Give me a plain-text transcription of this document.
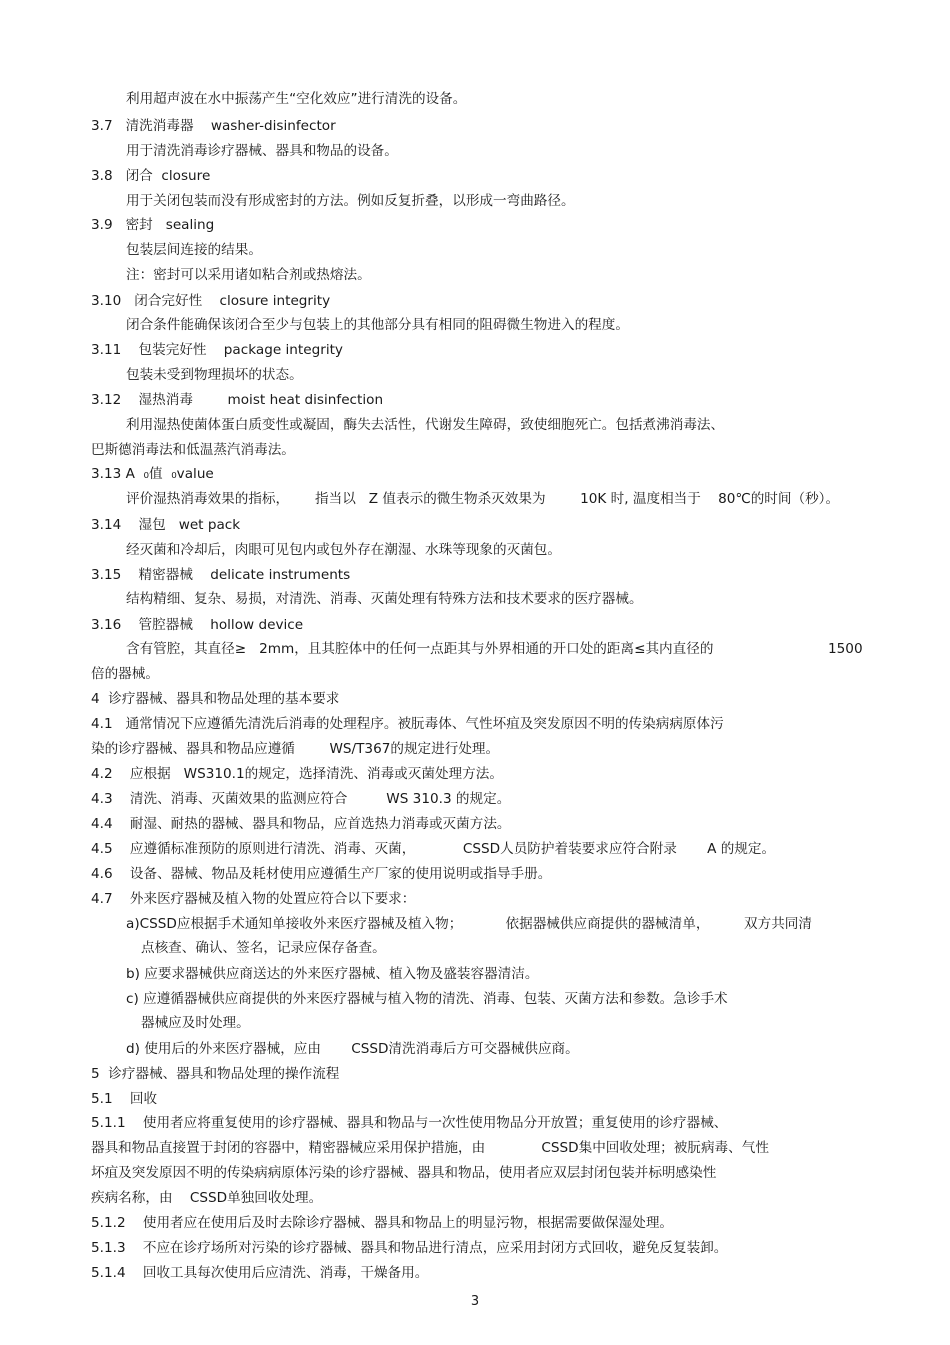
利用超声波在水中振荡产生“空化效应”进行清洗的设备。
3.7   清洗消毒器    washer-disinfector
用于清洗消毒诊疗器械、器具和物品的设备。
3.8   闭合  closure
用于关闭包装而没有形成密封的方法。例如反复折叠，以形成一弯曲路径。
3.9   密封   sealing
包装层间连接的结果。
注：密封可以采用诸如粘合剂或热熔法。
3.10   闭合完好性    closure integrity
闭合条件能确保该闭合至少与包装上的其他部分具有相同的阻碍微生物进入的程度。
3.11    包装完好性    package integrity
包装未受到物理损坏的状态。
3.12    湿热消毒        moist heat disinfection
利用湿热使菌体蛋白质变性或凝固，酶失去活性，代谢发生障碍，致使细胞死亡。包括煮沸消毒法、
巴斯德消毒法和低温蒸汽消毒法。
3.13 A  ₀值  ₀value
评价湿热消毒效果的指标，      指当以   Z 值表示的微生物杀灭效果为        10K 时, 温度相当于    80℃的时间（秒）。
3.14    湿包   wet pack
经灭菌和冷却后，肉眼可见包内或包外存在潮湿、水珠等现象的灭菌包。
3.15    精密器械    delicate instruments
结构精细、复杂、易损，对清洗、消毒、灭菌处理有特殊方法和技术要求的医疗器械。
3.16    管腔器械    hollow device
含有管腔，其直径≥   2mm，且其腔体中的任何一点距其与外界相通的开口处的距离≤其内直径的	1500
倍的器械。
4  诊疗器械、器具和物品处理的基本要求
4.1   通常情况下应遵循先清洗后消毒的处理程序。被朊毒体、气性坏疽及突发原因不明的传染病病原体污
染的诊疗器械、器具和物品应遵循        WS/T367的规定进行处理。
4.2    应根据   WS310.1的规定，选择清洗、消毒或灭菌处理方法。
4.3    清洗、消毒、灭菌效果的监测应符合         WS 310.3 的规定。
4.4    耐湿、耐热的器械、器具和物品，应首选热力消毒或灭菌方法。
4.5    应遵循标准预防的原则进行清洗、消毒、灭菌，           CSSD人员防护着装要求应符合附录       A 的规定。
4.6    设备、器械、物品及耗材使用应遵循生产厂家的使用说明或指导手册。
4.7    外来医疗器械及植入物的处置应符合以下要求：
a)CSSD应根据手术通知单接收外来医疗器械及植入物；          依据器械供应商提供的器械清单，        双方共同清
点核查、确认、签名，记录应保存备查。
b) 应要求器械供应商送达的外来医疗器械、植入物及盛装容器清洁。
c) 应遵循器械供应商提供的外来医疗器械与植入物的清洗、消毒、包装、灭菌方法和参数。急诊手术
器械应及时处理。
d) 使用后的外来医疗器械，应由       CSSD清洗消毒后方可交器械供应商。
5  诊疗器械、器具和物品处理的操作流程
5.1    回收
5.1.1    使用者应将重复使用的诊疗器械、器具和物品与一次性使用物品分开放置；重复使用的诊疗器械、
器具和物品直接置于封闭的容器中，精密器械应采用保护措施，由             CSSD集中回收处理；被朊病毒、气性
坏疽及突发原因不明的传染病病原体污染的诊疗器械、器具和物品，使用者应双层封闭包装并标明感染性
疾病名称，由    CSSD单独回收处理。
5.1.2    使用者应在使用后及时去除诊疗器械、器具和物品上的明显污物，根据需要做保湿处理。
5.1.3    不应在诊疗场所对污染的诊疗器械、器具和物品进行清点，应采用封闭方式回收，避免反复装卸。
5.1.4    回收工具每次使用后应清洗、消毒，干燥备用。
3
